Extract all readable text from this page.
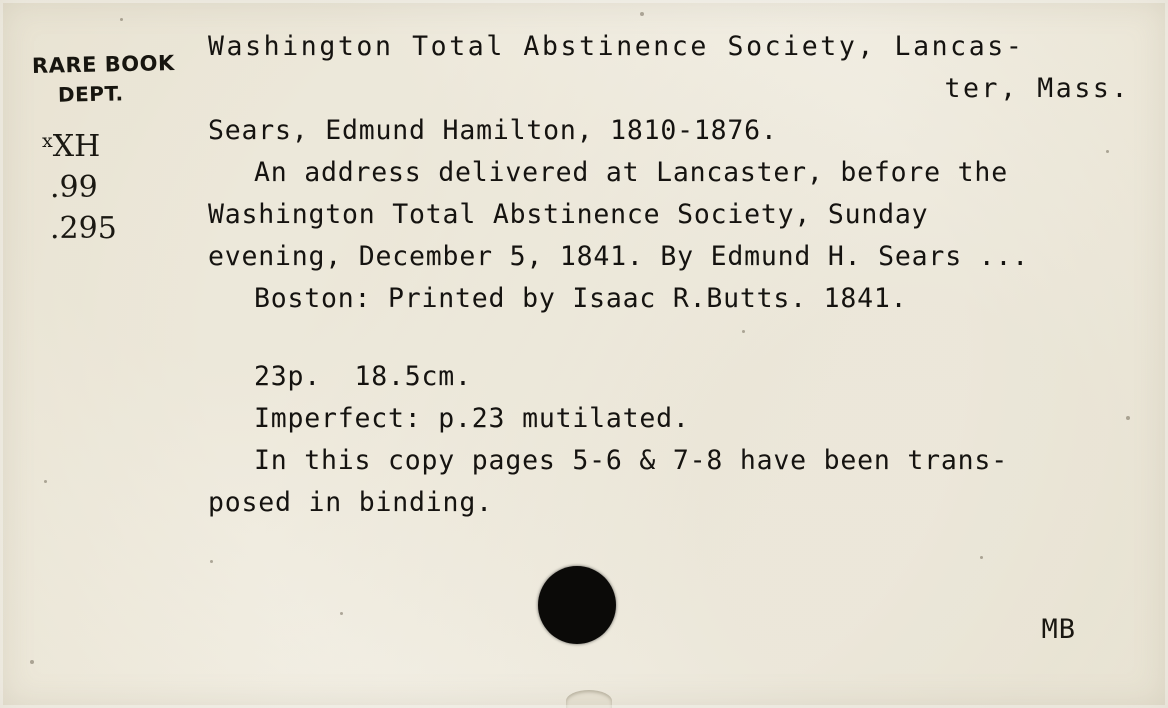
RARE BOOK
DEPT.
$^x$XH
.99
.295
Washington Total Abstinence Society, Lancas-
ter, Mass.
Sears, Edmund Hamilton, 1810-1876.
An address delivered at Lancaster, before the
Washington Total Abstinence Society, Sunday
evening, December 5, 1841. By Edmund H. Sears ...
Boston: Printed by Isaac R.Butts. 1841.
23p.  18.5cm.
Imperfect: p.23 mutilated.
In this copy pages 5-6 & 7-8 have been trans-
posed in binding.
MB
